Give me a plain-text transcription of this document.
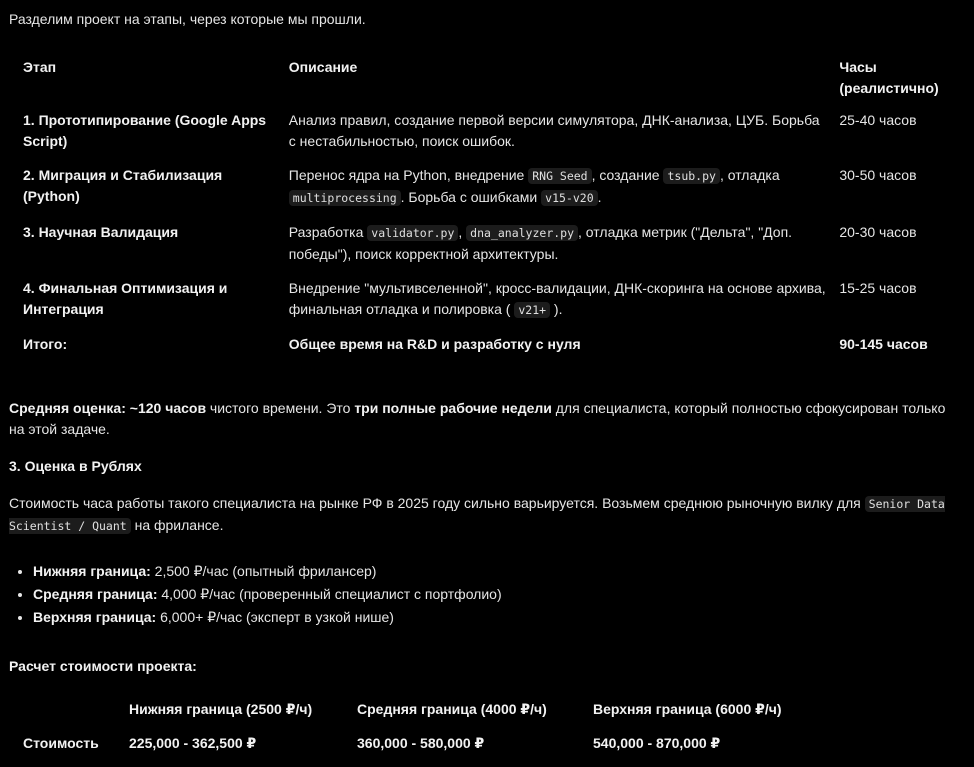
Разделим проект на этапы, через которые мы прошли.

Этап	Описание	Часы (реалистично)
1. Прототипирование (Google Apps Script)	Анализ правил, создание первой версии симулятора, ДНК-анализа, ЦУБ. Борьба с нестабильностью, поиск ошибок.	25-40 часов
2. Миграция и Стабилизация (Python)	Перенос ядра на Python, внедрение RNG Seed , создание tsub.py , отладка multiprocessing . Борьба с ошибками v15-v20 .	30-50 часов
3. Научная Валидация	Разработка validator.py , dna_analyzer.py , отладка метрик ("Дельта", "Доп. победы"), поиск корректной архитектуры.	20-30 часов
4. Финальная Оптимизация и Интеграция	Внедрение "мультивселенной", кросс-валидации, ДНК-скоринга на основе архива, финальная отладка и полировка ( v21+ ).	15-25 часов
Итого:	Общее время на R&D и разработку с нуля	90-145 часов

Средняя оценка: ~120 часов чистого времени. Это три полные рабочие недели для специалиста, который полностью сфокусирован только на этой задаче.

3. Оценка в Рублях

Стоимость часа работы такого специалиста на рынке РФ в 2025 году сильно варьируется. Возьмем среднюю рыночную вилку для Senior Data Scientist / Quant на фрилансе.

• Нижняя граница: 2,500 ₽/час (опытный фрилансер)
• Средняя граница: 4,000 ₽/час (проверенный специалист с портфолио)
• Верхняя граница: 6,000+ ₽/час (эксперт в узкой нише)

Расчет стоимости проекта:

	Нижняя граница (2500 ₽/ч)	Средняя граница (4000 ₽/ч)	Верхняя граница (6000 ₽/ч)
Стоимость	225,000 - 362,500 ₽	360,000 - 580,000 ₽	540,000 - 870,000 ₽
